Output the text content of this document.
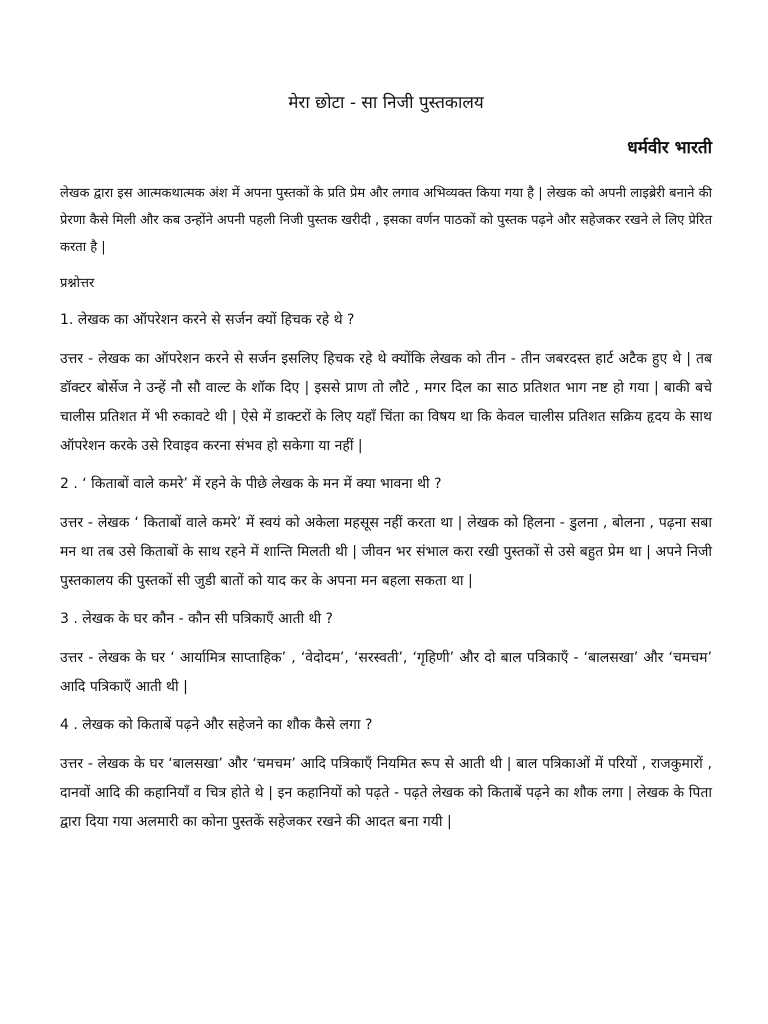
मेरा छोटा - सा निजी पुस्तकालय
धर्मवीर भारती

लेखक द्वारा इस आत्मकथात्मक अंश में अपना पुस्तकों के प्रति प्रेम और लगाव अभिव्यक्त किया गया है | लेखक को अपनी लाइब्रेरी बनाने की प्रेरणा कैसे मिली और कब उन्होंने अपनी पहली निजी पुस्तक खरीदी , इसका वर्णन पाठकों को पुस्तक पढ़ने और सहेजकर रखने ले लिए प्रेरित करता है |

प्रश्नोत्तर
1. लेखक का ऑपरेशन करने से सर्जन क्यों हिचक रहे थे ?

उत्तर - लेखक का ऑपरेशन करने से सर्जन इसलिए हिचक रहे थे क्योंकि लेखक को तीन - तीन जबरदस्त हार्ट अटैक हुए थे | तब डॉक्टर बोर्सेज ने उन्हें नौ सौ वाल्ट के शॉक दिए | इससे प्राण तो लौटे , मगर दिल का साठ प्रतिशत भाग नष्ट हो गया | बाकी बचे चालीस प्रतिशत में भी रुकावटे थी | ऐसे में डाक्टरों के लिए यहाँ चिंता का विषय था कि केवल चालीस प्रतिशत सक्रिय हृदय के साथ ऑपरेशन करके उसे रिवाइव करना संभव हो सकेगा या नहीं |

2 . ‘ किताबों वाले कमरे’ में रहने के पीछे लेखक के मन में क्या भावना थी ?

उत्तर - लेखक ‘ किताबों वाले कमरे’ में स्वयं को अकेला महसूस नहीं करता था | लेखक को हिलना - डुलना , बोलना , पढ़ना सबा मन था तब उसे किताबों के साथ रहने में शान्ति मिलती थी | जीवन भर संभाल करा रखी पुस्तकों से उसे बहुत प्रेम था | अपने निजी पुस्तकालय की पुस्तकों सी जुडी बातों को याद कर के अपना मन बहला सकता था |

3 . लेखक के घर कौन - कौन सी पत्रिकाएँ आती थी ?

उत्तर - लेखक के घर ‘ आर्यामित्र साप्ताहिक’ , ‘वेदोदम’, ‘सरस्वती’, ‘गृहिणी’ और दो बाल पत्रिकाएँ - ‘बालसखा’ और ‘चमचम’ आदि पत्रिकाएँ आती थी |

4 . लेखक को किताबें पढ़ने और सहेजने का शौक कैसे लगा ?

उत्तर - लेखक के घर ‘बालसखा’ और ‘चमचम’ आदि पत्रिकाएँ नियमित रूप से आती थी | बाल पत्रिकाओं में परियों , राजकुमारों , दानवों आदि की कहानियाँ व चित्र होते थे | इन कहानियों को पढ़ते - पढ़ते लेखक को किताबें पढ़ने का शौक लगा | लेखक के पिता द्वारा दिया गया अलमारी का कोना पुस्तकें सहेजकर रखने की आदत बना गयी |
